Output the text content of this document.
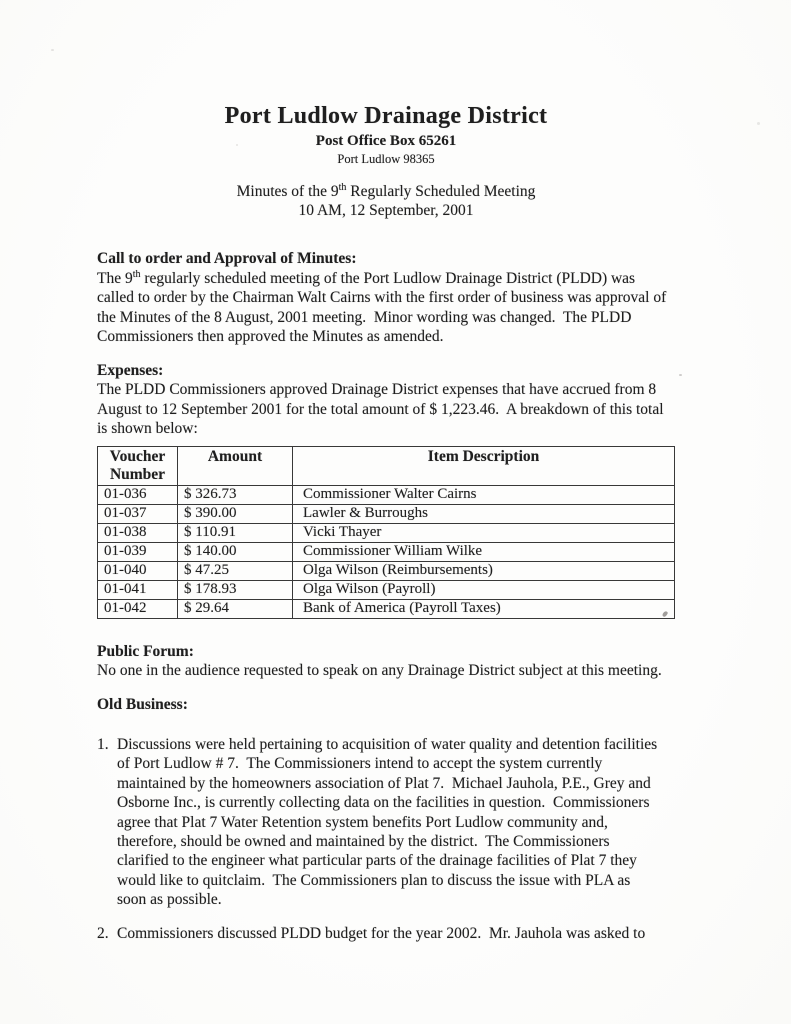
Port Ludlow Drainage District
Post Office Box 65261
Port Ludlow 98365
Minutes of the 9th Regularly Scheduled Meeting
10 AM, 12 September, 2001
Call to order and Approval of Minutes:

The 9th regularly scheduled meeting of the Port Ludlow Drainage District (PLDD) was called to order by the Chairman Walt Cairns with the first order of business was approval of the Minutes of the 8 August, 2001 meeting.  Minor wording was changed.  The PLDD Commissioners then approved the Minutes as amended.

Expenses:

The PLDD Commissioners approved Drainage District expenses that have accrued from 8 August to 12 September 2001 for the total amount of $ 1,223.46.  A breakdown of this total is shown below:

Voucher Number	Amount	Item Description
01-036	$ 326.73	Commissioner Walter Cairns
01-037	$ 390.00	Lawler & Burroughs
01-038	$ 110.91	Vicki Thayer
01-039	$ 140.00	Commissioner William Wilke
01-040	$ 47.25	Olga Wilson (Reimbursements)
01-041	$ 178.93	Olga Wilson (Payroll)
01-042	$ 29.64	Bank of America (Payroll Taxes)
Public Forum:

No one in the audience requested to speak on any Drainage District subject at this meeting.

Old Business:
1. Discussions were held pertaining to acquisition of water quality and detention facilities of Port Ludlow # 7.  The Commissioners intend to accept the system currently maintained by the homeowners association of Plat 7.  Michael Jauhola, P.E., Grey and Osborne Inc., is currently collecting data on the facilities in question.  Commissioners agree that Plat 7 Water Retention system benefits Port Ludlow community and, therefore, should be owned and maintained by the district.  The Commissioners clarified to the engineer what particular parts of the drainage facilities of Plat 7 they would like to quitclaim.  The Commissioners plan to discuss the issue with PLA as soon as possible.
2. Commissioners discussed PLDD budget for the year 2002.  Mr. Jauhola was asked to
